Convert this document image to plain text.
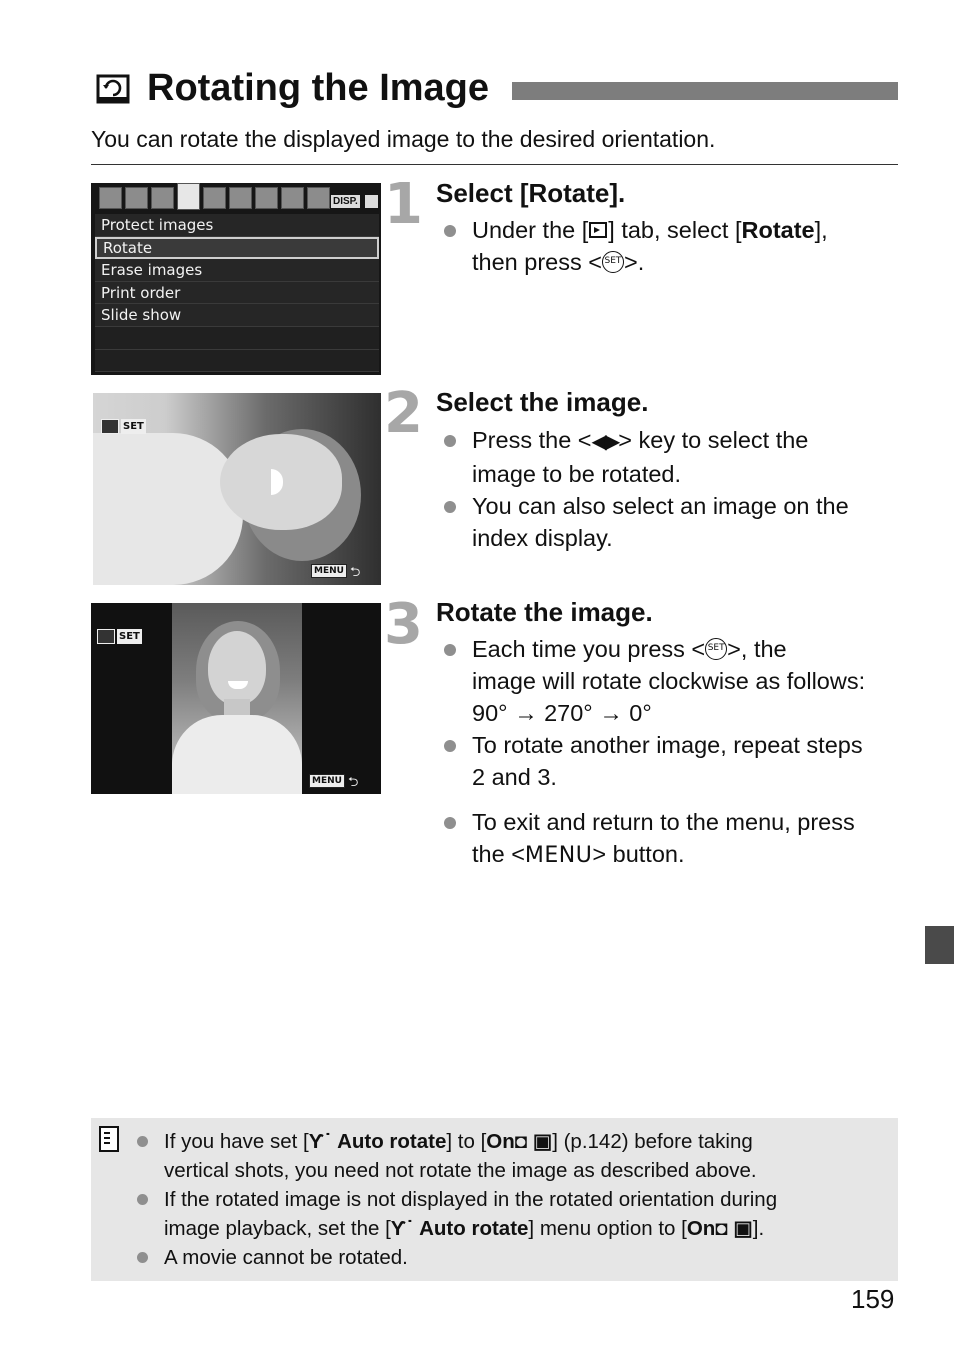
Rotating the Image

You can rotate the displayed image to the desired orientation.

DISP.
Protect images
Rotate
Erase images
Print order
Slide show
1 Select [Rotate].
Under the [ ] tab, select [Rotate],
then press < SET >.
SET
MENU ⮌
2 Select the image.
Press the <◀▶> key to select the
image to be rotated.
You can also select an image on the
index display.
SET
MENU ⮌
3 Rotate the image.
Each time you press < SET >, the
image will rotate clockwise as follows:
90° → 270° → 0°
To rotate another image, repeat steps
2 and 3.
To exit and return to the menu, press
the <MENU> button.
If you have set [Ƴ˙ Auto rotate] to [On◘ ▣] (p.142) before taking
vertical shots, you need not rotate the image as described above.
If the rotated image is not displayed in the rotated orientation during
image playback, set the [Ƴ˙ Auto rotate] menu option to [On◘ ▣].
A movie cannot be rotated.
159
